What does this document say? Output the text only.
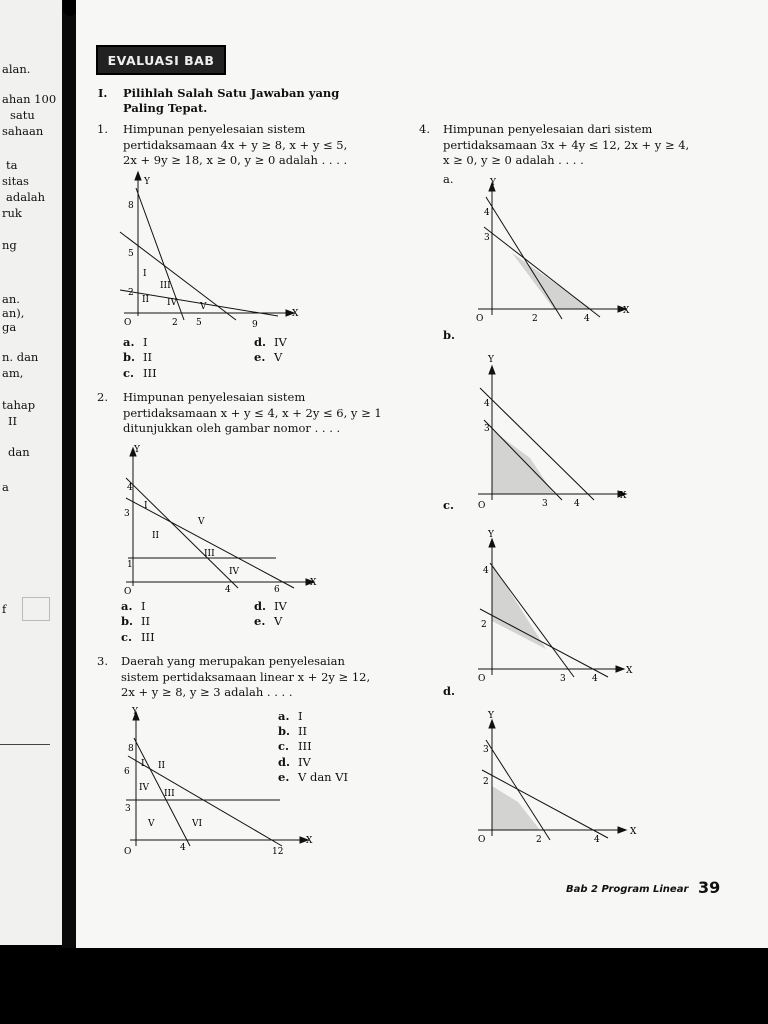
alan.
ahan 100
satu
sahaan
ta
sitas
adalah
ruk
ng
an.
an),
ga
n. dan
am,
tahap
II
dan
a
f
EVALUASI BAB
I. Pilihlah Salah Satu Jawaban yang
Paling Tepat.
1. Himpunan penyelesaian sistem
pertidaksamaan 4x + y ≥ 8, x + y ≤ 5,
2x + 9y ≥ 18, x ≥ 0, y ≥ 0 adalah . . . .
Y
X
O
8
5
2
2 5	9
I
II
III
IV	V
a. I	d. IV
b. II	e. V
c. III
2. Himpunan penyelesaian sistem
pertidaksamaan x + y ≤ 4, x + 2y ≤ 6, y ≥ 1
ditunjukkan oleh gambar nomor . . . .
Y
X
O
4
3
1
4	6
I
II
III
IV
V
a. I	d. IV
b. II	e. V
c. III
3. Daerah yang merupakan penyelesaian
sistem pertidaksamaan linear x + 2y ≥ 12,
2x + y ≥ 8, y ≥ 3 adalah . . . .
Y
X
O
8
6
3
4	12
I II
III
IV
V	VI
a. I
b. II
c. III
d. IV
e. V dan VI
4. Himpunan penyelesaian dari sistem
pertidaksamaan 3x + 4y ≤ 12, 2x + y ≥ 4,
x ≥ 0, y ≥ 0 adalah . . . .
a.
b.
c.
d.
Y
X
O
4
3
2	4
Y
X
O
4
3
3	4
Y
X
O
4
2
3	4
Y
X
O
3
2
2	4
Bab 2 Program Linear 39
